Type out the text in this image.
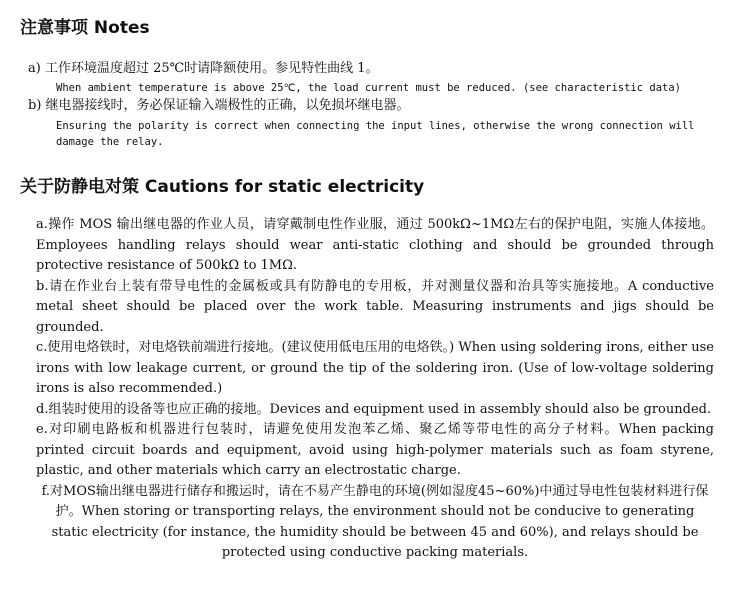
注意事项 Notes
a) 工作环境温度超过 25℃时请降额使用。参见特性曲线 1。
When ambient temperature is above 25℃, the load current must be reduced. (see characteristic data)
b) 继电器接线时，务必保证输入端极性的正确，以免损坏继电器。
Ensuring the polarity is correct when connecting the input lines, otherwise the wrong connection will damage the relay.
关于防静电对策 Cautions for static electricity

a.操作 MOS 输出继电器的作业人员，请穿戴制电性作业服，通过 500kΩ~1MΩ左右的保护电阻，实施人体接地。Employees handling relays should wear anti-static clothing and should be grounded through protective resistance of 500kΩ to 1MΩ.

b.请在作业台上装有带导电性的金属板或具有防静电的专用板，并对测量仪器和治具等实施接地。A conductive metal sheet should be placed over the work table. Measuring instruments and jigs should be grounded.

c.使用电烙铁时，对电烙铁前端进行接地。(建议使用低电压用的电烙铁。) When using soldering irons, either use irons with low leakage current, or ground the tip of the soldering iron. (Use of low-voltage soldering irons is also recommended.)

d.组装时使用的设备等也应正确的接地。Devices and equipment used in assembly should also be grounded.

e.对印刷电路板和机器进行包装时，请避免使用发泡苯乙烯、聚乙烯等带电性的高分子材料。When packing printed circuit boards and equipment, avoid using high-polymer materials such as foam styrene, plastic, and other materials which carry an electrostatic charge.

f.对MOS输出继电器进行储存和搬运时，请在不易产生静电的环境(例如湿度45~60%)中通过导电性包装材料进行保护。When storing or transporting relays, the environment should not be conducive to generating static electricity (for instance, the humidity should be between 45 and 60%), and relays should be protected using conductive packing materials.
